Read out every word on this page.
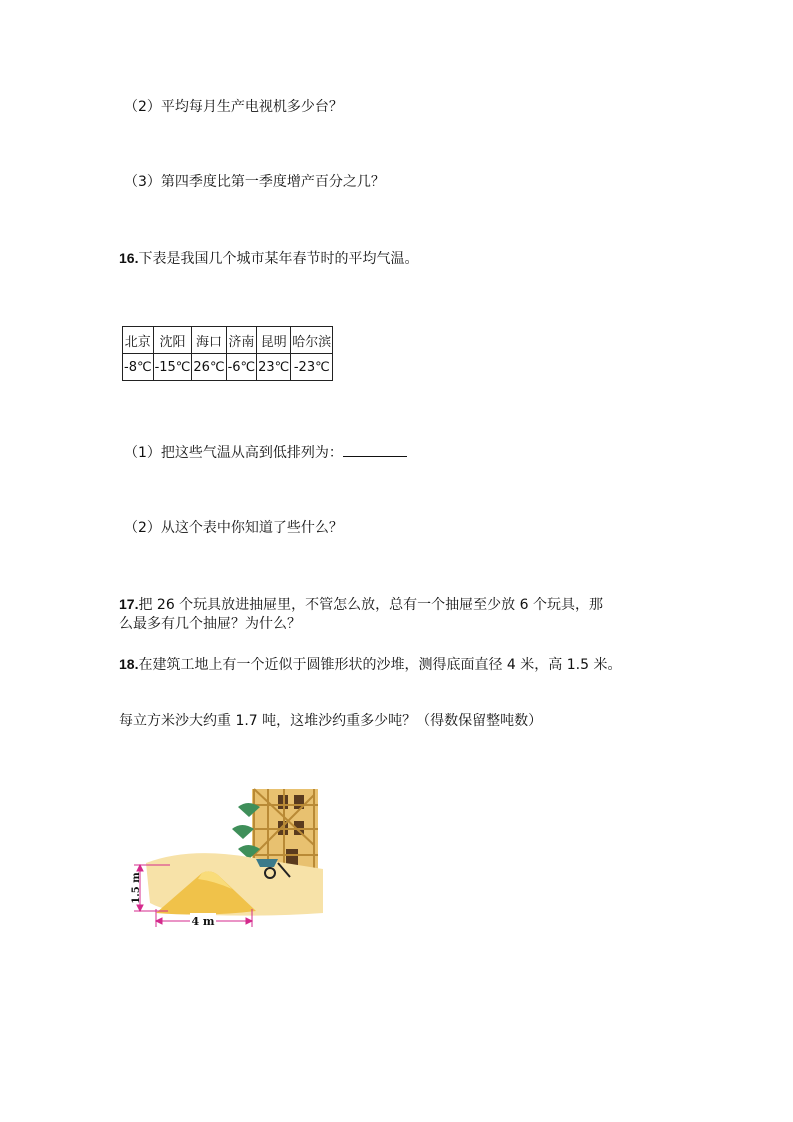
（2）平均每月生产电视机多少台？
（3）第四季度比第一季度增产百分之几？
16.下表是我国几个城市某年春节时的平均气温。
北京	沈阳	海口	济南	昆明	哈尔滨
-8℃	-15℃	26℃	-6℃	23℃	-23℃
（1）把这些气温从高到低排列为：
（2）从这个表中你知道了些什么？
17.把 26 个玩具放进抽屉里，不管怎么放，总有一个抽屉至少放 6 个玩具，那
么最多有几个抽屉？为什么？
18.在建筑工地上有一个近似于圆锥形状的沙堆，测得底面直径 4 米，高 1.5 米。
每立方米沙大约重 1.7 吨，这堆沙约重多少吨？（得数保留整吨数）
1.5 m
4 m
